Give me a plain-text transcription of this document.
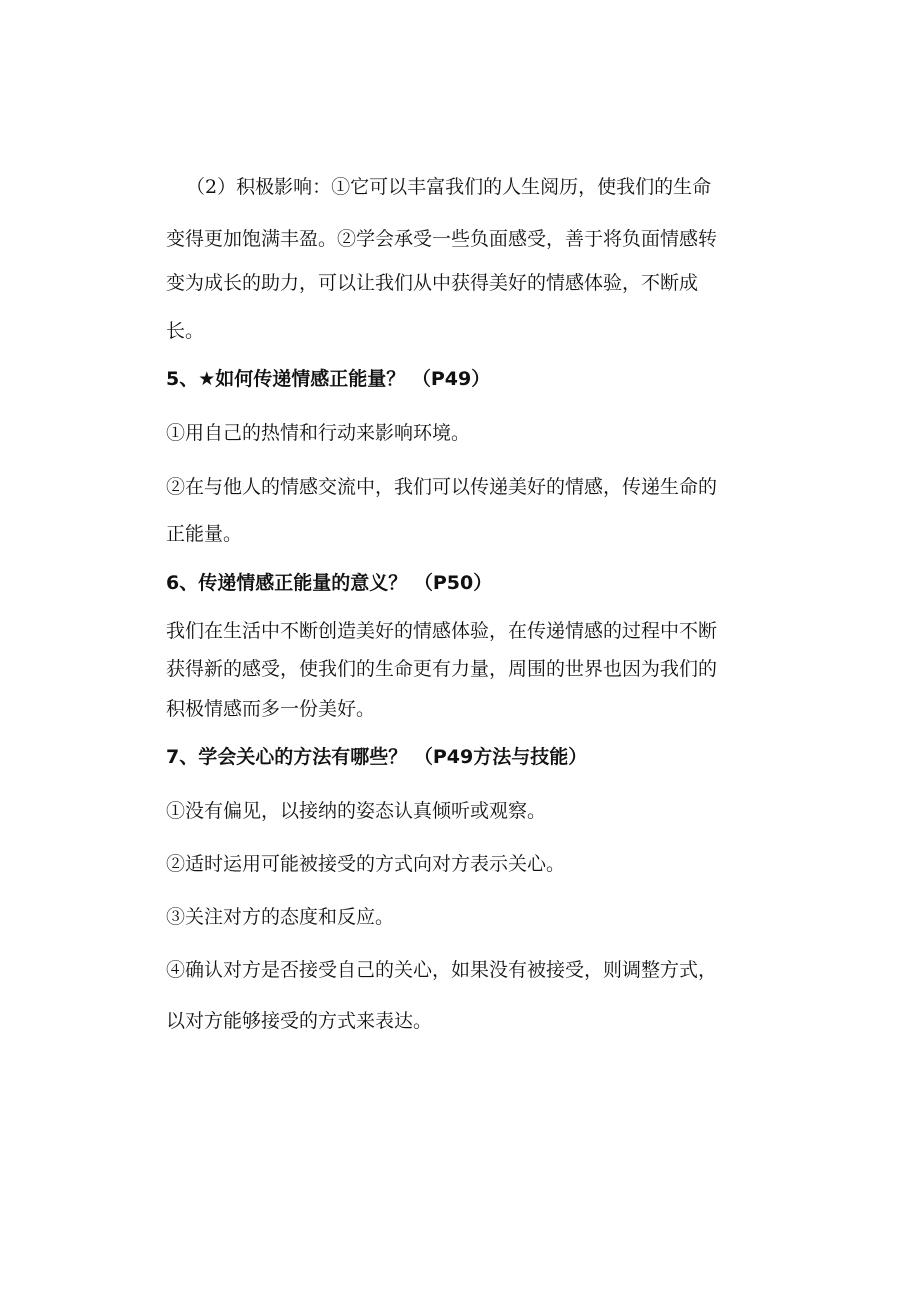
（2）积极影响：①它可以丰富我们的人生阅历，使我们的生命
变得更加饱满丰盈。②学会承受一些负面感受，善于将负面情感转
变为成长的助力，可以让我们从中获得美好的情感体验，不断成
长。
5、★如何传递情感正能量？ （P49）
①用自己的热情和行动来影响环境。
②在与他人的情感交流中，我们可以传递美好的情感，传递生命的
正能量。
6、传递情感正能量的意义？ （P50）
我们在生活中不断创造美好的情感体验，在传递情感的过程中不断
获得新的感受，使我们的生命更有力量，周围的世界也因为我们的
积极情感而多一份美好。
7、学会关心的方法有哪些？ （P49方法与技能）
①没有偏见，以接纳的姿态认真倾听或观察。
②适时运用可能被接受的方式向对方表示关心。
③关注对方的态度和反应。
④确认对方是否接受自己的关心，如果没有被接受，则调整方式，
以对方能够接受的方式来表达。
